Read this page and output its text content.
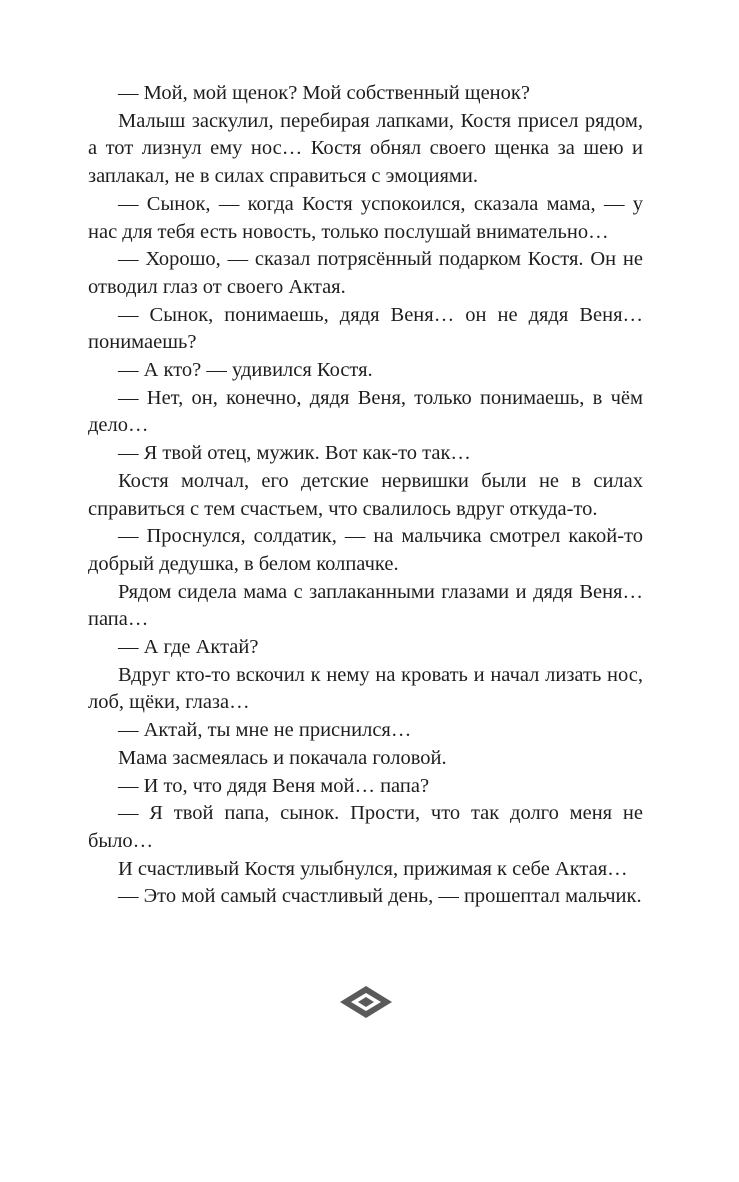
— Мой, мой щенок? Мой собственный щенок?

Малыш заскулил, перебирая лапками, Костя присел рядом, а тот лизнул ему нос… Костя обнял своего щенка за шею и заплакал, не в силах справиться с эмоциями.

— Сынок, — когда Костя успокоился, сказала мама, — у нас для тебя есть новость, только послушай внимательно…

— Хорошо, — сказал потрясённый подарком Костя. Он не отводил глаз от своего Актая.

— Сынок, понимаешь, дядя Веня… он не дядя Веня… понимаешь?

— А кто? — удивился Костя.

— Нет, он, конечно, дядя Веня, только понимаешь, в чём дело…

— Я твой отец, мужик. Вот как-то так…

Костя молчал, его детские нервишки были не в силах справиться с тем счастьем, что свалилось вдруг откуда-то.

— Проснулся, солдатик, — на мальчика смотрел какой-то добрый дедушка, в белом колпачке.

Рядом сидела мама с заплаканными глазами и дядя Веня… папа…

— А где Актай?

Вдруг кто-то вскочил к нему на кровать и начал лизать нос, лоб, щёки, глаза…

— Актай, ты мне не приснился…

Мама засмеялась и покачала головой.

— И то, что дядя Веня мой… папа?

— Я твой папа, сынок. Прости, что так долго меня не было…

И счастливый Костя улыбнулся, прижимая к себе Актая…

— Это мой самый счастливый день, — прошептал мальчик.
